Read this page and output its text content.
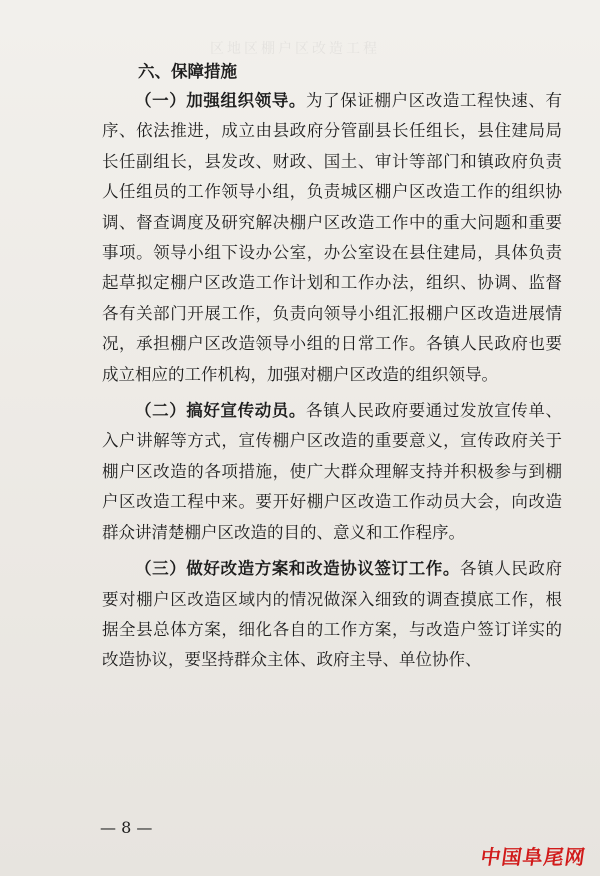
区地区棚户区改造工程
六、保障措施

（一）加强组织领导。为了保证棚户区改造工程快速、有序、依法推进，成立由县政府分管副县长任组长，县住建局局长任副组长，县发改、财政、国土、审计等部门和镇政府负责人任组员的工作领导小组，负责城区棚户区改造工作的组织协调、督查调度及研究解决棚户区改造工作中的重大问题和重要事项。领导小组下设办公室，办公室设在县住建局，具体负责起草拟定棚户区改造工作计划和工作办法，组织、协调、监督各有关部门开展工作，负责向领导小组汇报棚户区改造进展情况，承担棚户区改造领导小组的日常工作。各镇人民政府也要成立相应的工作机构，加强对棚户区改造的组织领导。

（二）搞好宣传动员。各镇人民政府要通过发放宣传单、入户讲解等方式，宣传棚户区改造的重要意义，宣传政府关于棚户区改造的各项措施，使广大群众理解支持并积极参与到棚户区改造工程中来。要开好棚户区改造工作动员大会，向改造群众讲清楚棚户区改造的目的、意义和工作程序。

（三）做好改造方案和改造协议签订工作。各镇人民政府要对棚户区改造区域内的情况做深入细致的调查摸底工作，根据全县总体方案，细化各自的工作方案，与改造户签订详实的改造协议，要坚持群众主体、政府主导、单位协作、

— 8 —
中国阜尾网
